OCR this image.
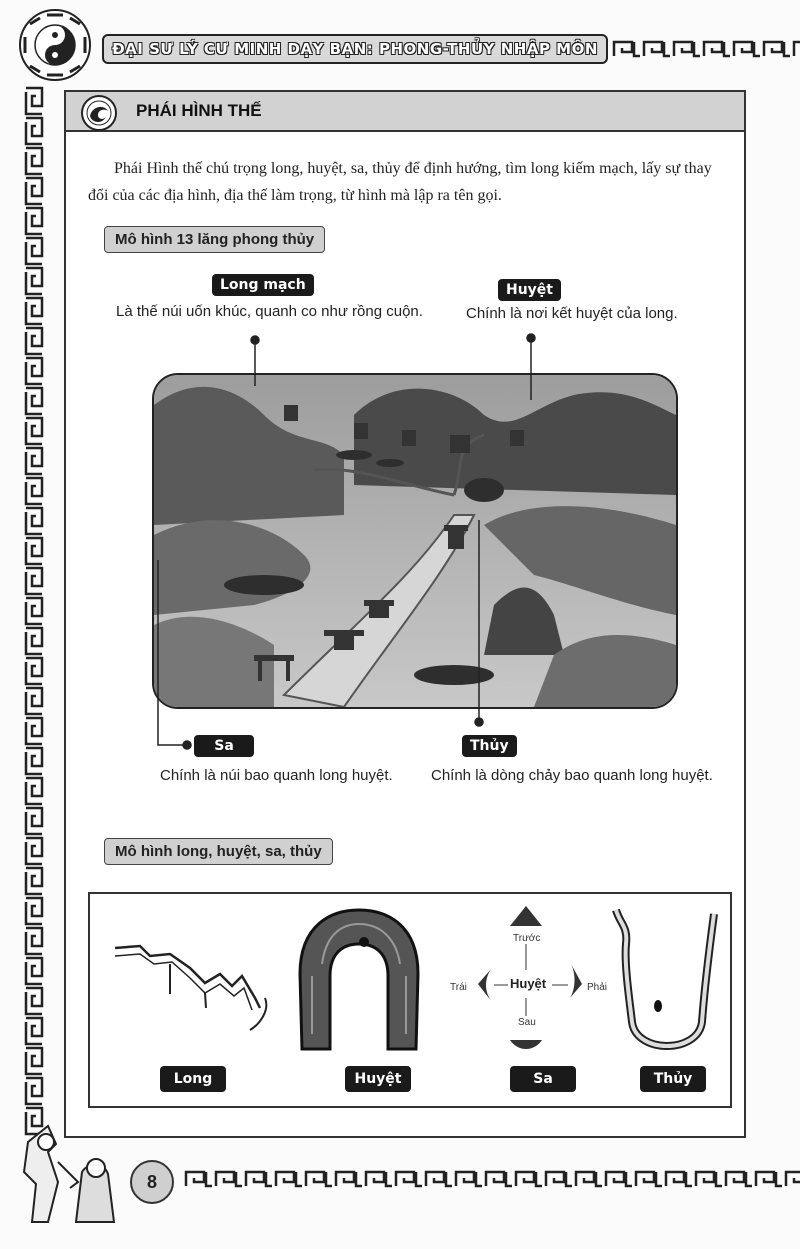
ĐẠI SƯ LÝ CƯ MINH DẠY BẠN: PHONG-THỦY NHẬP MÔN
PHÁI HÌNH THẾ
Phái Hình thế chú trọng long, huyệt, sa, thủy để định hướng, tìm long kiếm mạch, lấy sự thay đổi của các địa hình, địa thế làm trọng, từ hình mà lập ra tên gọi.
Mô hình 13 lăng phong thủy
Long mạch
Là thế núi uốn khúc, quanh co như rồng cuộn.
Huyệt
Chính là nơi kết huyệt của long.
Sa
Chính là núi bao quanh long huyệt.
Thủy
Chính là dòng chảy bao quanh long huyệt.
Mô hình long, huyệt, sa, thủy
Trước
Sau
Trái	Phải
Huyệt
Long	Huyệt	Sa	Thủy
8
